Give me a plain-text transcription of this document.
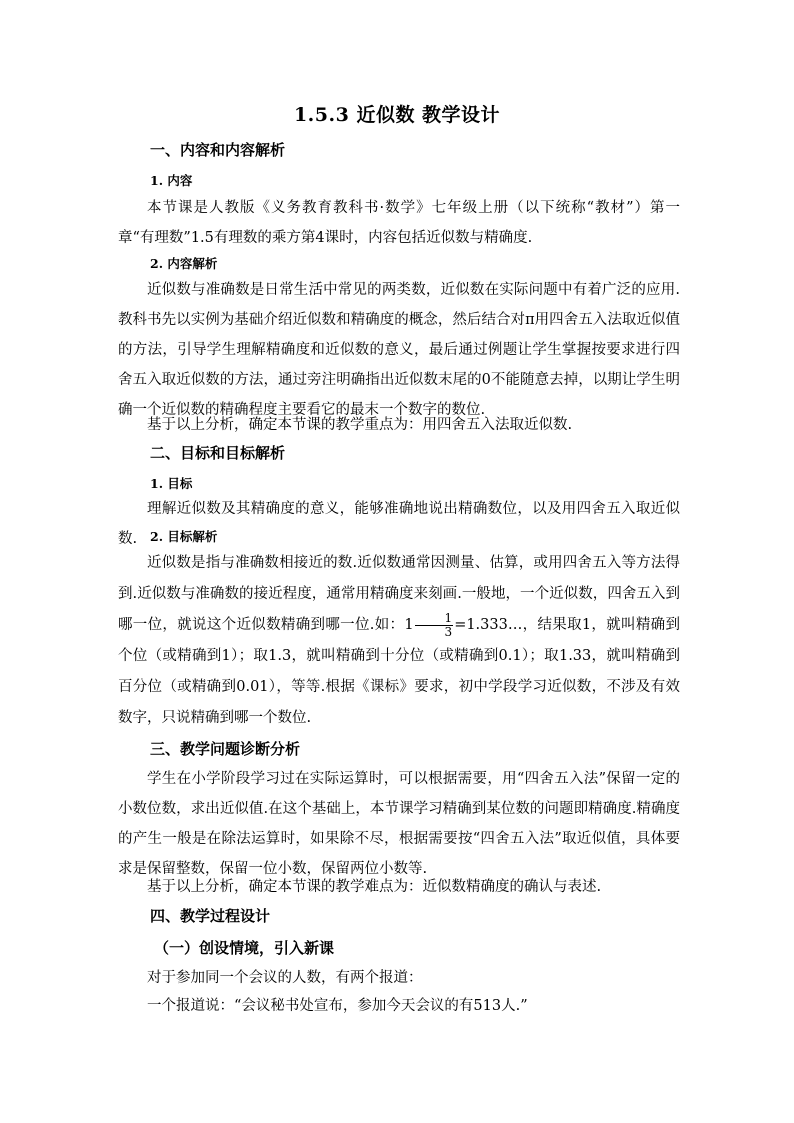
1.5.3 近似数 教学设计
一、内容和内容解析
1. 内容

本节课是人教版《义务教育教科书·数学》七年级上册（以下统称“教材”）第一章“有理数”1.5有理数的乘方第4课时，内容包括近似数与精确度.

2. 内容解析

近似数与准确数是日常生活中常见的两类数，近似数在实际问题中有着广泛的应用.教科书先以实例为基础介绍近似数和精确度的概念，然后结合对π用四舍五入法取近似值的方法，引导学生理解精确度和近似数的意义，最后通过例题让学生掌握按要求进行四舍五入取近似数的方法，通过旁注明确指出近似数末尾的0不能随意去掉，以期让学生明确一个近似数的精确程度主要看它的最末一个数字的数位.

基于以上分析，确定本节课的教学重点为：用四舍五入法取近似数.

二、目标和目标解析
1. 目标

理解近似数及其精确度的意义，能够准确地说出精确数位，以及用四舍五入取近似数.	2. 目标解析

近似数是指与准确数相接近的数.近似数通常因测量、估算，或用四舍五入等方法得到.近似数与准确数的接近程度，通常用精确度来刻画.一般地，一个近似数，四舍五入到哪一位，就说这个近似数精确到哪一位.如：$1 \frac{1}{3}$ =1.333…，结果取1，就叫精确到个位（或精确到1）；取1.3，就叫精确到十分位（或精确到0.1）；取1.33，就叫精确到百分位（或精确到0.01），等等.根据《课标》要求，初中学段学习近似数，不涉及有效数字，只说精确到哪一个数位.

三、教学问题诊断分析

学生在小学阶段学习过在实际运算时，可以根据需要，用“四舍五入法”保留一定的小数位数，求出近似值.在这个基础上，本节课学习精确到某位数的问题即精确度.精确度的产生一般是在除法运算时，如果除不尽，根据需要按“四舍五入法”取近似值，具体要求是保留整数，保留一位小数，保留两位小数等.

基于以上分析，确定本节课的教学难点为：近似数精确度的确认与表述.

四、教学过程设计
（一）创设情境，引入新课
对于参加同一个会议的人数，有两个报道：
一个报道说：“会议秘书处宣布，参加今天会议的有513人.”
